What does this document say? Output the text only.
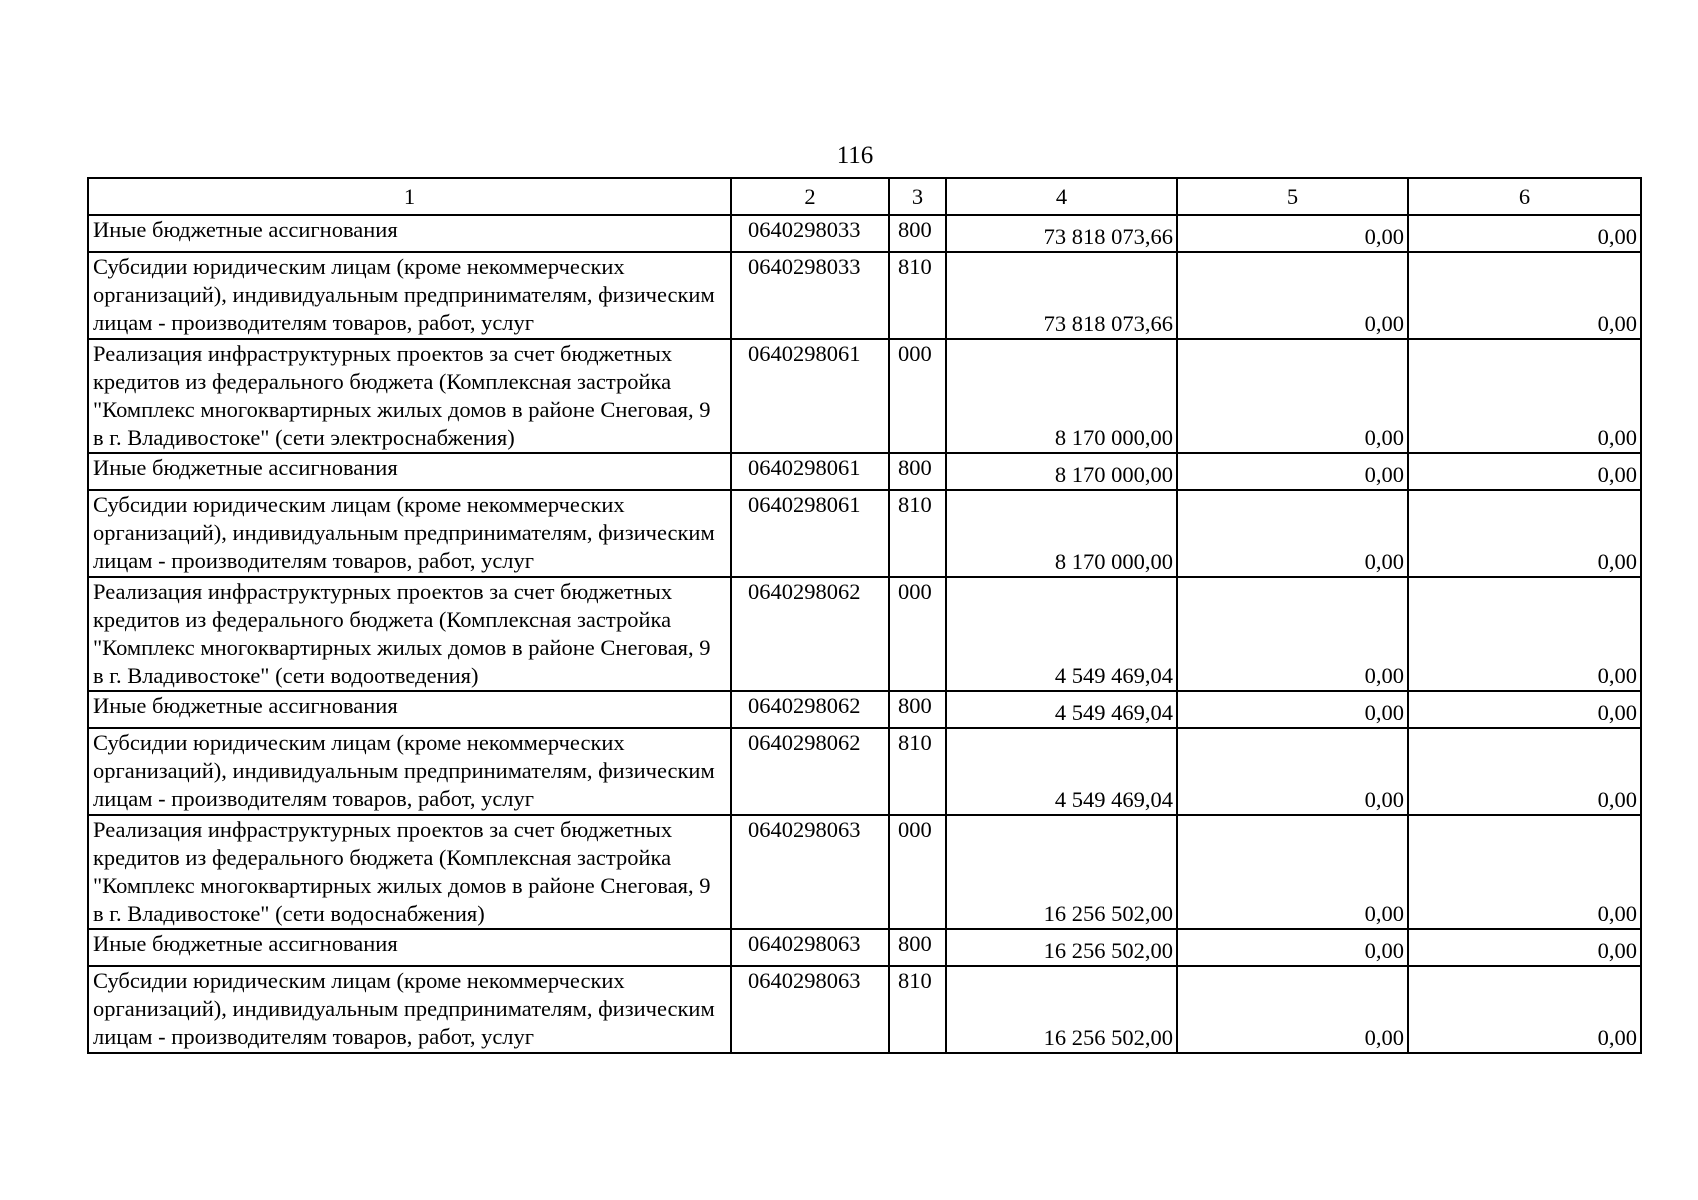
116
1	2	3	4	5	6
Иные бюджетные ассигнования	0640298033	800	73 818 073,66	0,00	0,00
Субсидии юридическим лицам (кроме некоммерческих организаций), индивидуальным предпринимателям, физическим лицам - производителям товаров, работ, услуг	0640298033	810	73 818 073,66	0,00	0,00
Реализация инфраструктурных проектов за счет бюджетных кредитов из федерального бюджета (Комплексная застройка "Комплекс многоквартирных жилых домов в районе Снеговая, 9 в г. Владивостоке" (сети электроснабжения)	0640298061	000	8 170 000,00	0,00	0,00
Иные бюджетные ассигнования	0640298061	800	8 170 000,00	0,00	0,00
Субсидии юридическим лицам (кроме некоммерческих организаций), индивидуальным предпринимателям, физическим лицам - производителям товаров, работ, услуг	0640298061	810	8 170 000,00	0,00	0,00
Реализация инфраструктурных проектов за счет бюджетных кредитов из федерального бюджета (Комплексная застройка "Комплекс многоквартирных жилых домов в районе Снеговая, 9 в г. Владивостоке" (сети водоотведения)	0640298062	000	4 549 469,04	0,00	0,00
Иные бюджетные ассигнования	0640298062	800	4 549 469,04	0,00	0,00
Субсидии юридическим лицам (кроме некоммерческих организаций), индивидуальным предпринимателям, физическим лицам - производителям товаров, работ, услуг	0640298062	810	4 549 469,04	0,00	0,00
Реализация инфраструктурных проектов за счет бюджетных кредитов из федерального бюджета (Комплексная застройка "Комплекс многоквартирных жилых домов в районе Снеговая, 9 в г. Владивостоке" (сети водоснабжения)	0640298063	000	16 256 502,00	0,00	0,00
Иные бюджетные ассигнования	0640298063	800	16 256 502,00	0,00	0,00
Субсидии юридическим лицам (кроме некоммерческих организаций), индивидуальным предпринимателям, физическим лицам - производителям товаров, работ, услуг	0640298063	810	16 256 502,00	0,00	0,00
